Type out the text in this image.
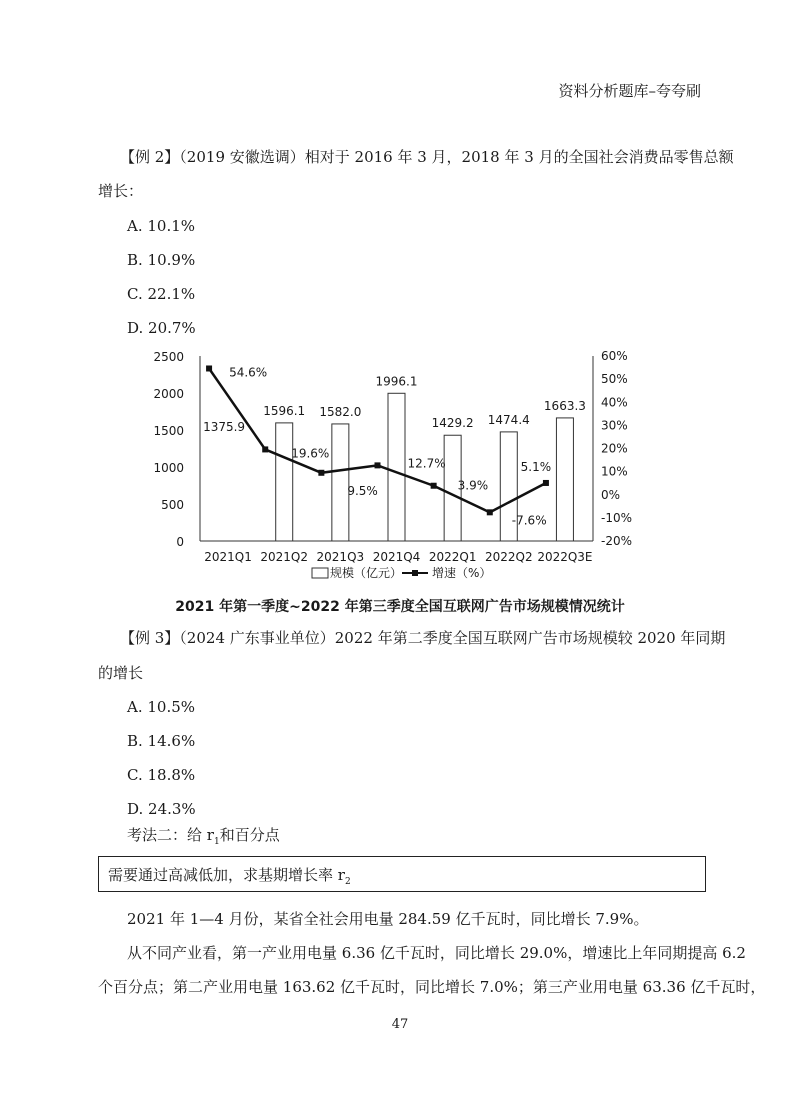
资料分析题库–夸夸刷
【例 2】（2019 安徽选调）相对于 2016 年 3 月，2018 年 3 月的全国社会消费品零售总额
增长：
A. 10.1%
B. 10.9%
C. 22.1%
D. 20.7%
0
500
1000
1500
2000
2500
-20%
-10%
0%
10%
20%
30%
40%
50%
60%
2021Q1 2021Q2 2021Q3 2021Q4 2022Q1 2022Q2 2022Q3E
1375.9
1596.1 1582.0
1996.1
1429.2 1474.4
1663.3
54.6%
19.6%
9.5%
12.7%
3.9%
-7.6%
5.1%
规模（亿元） 增速（%）
2021 年第一季度~2022 年第三季度全国互联网广告市场规模情况统计
【例 3】（2024 广东事业单位）2022 年第二季度全国互联网广告市场规模较 2020 年同期
的增长
A. 10.5%
B. 14.6%
C. 18.8%
D. 24.3%
考法二：给 $r_1$和百分点
需要通过高减低加，求基期增长率 $r_2$
2021 年 1—4 月份，某省全社会用电量 284.59 亿千瓦时，同比增长 7.9%。
从不同产业看，第一产业用电量 6.36 亿千瓦时，同比增长 29.0%，增速比上年同期提高 6.2
个百分点；第二产业用电量 163.62 亿千瓦时，同比增长 7.0%；第三产业用电量 63.36 亿千瓦时，
47
